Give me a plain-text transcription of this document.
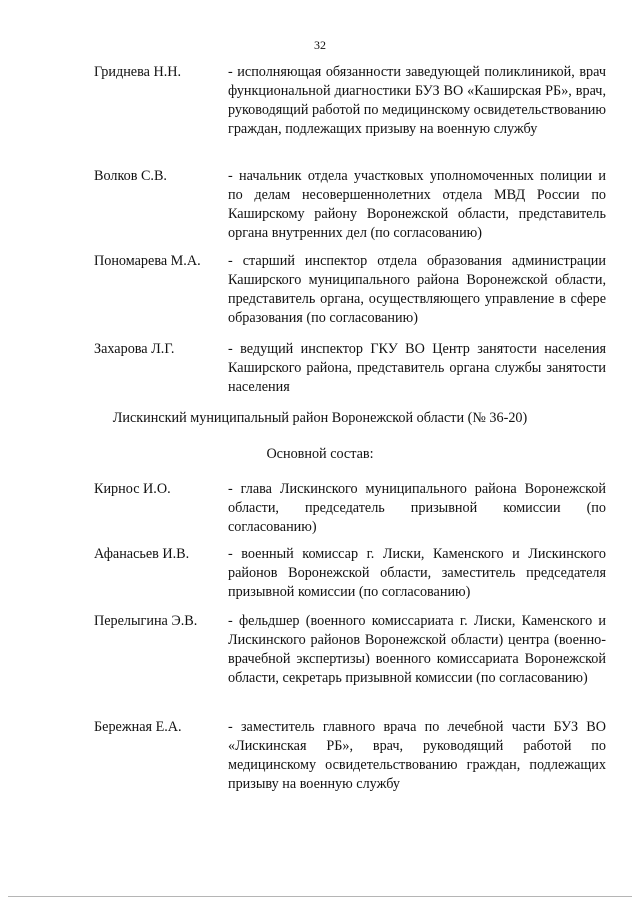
32
Гриднева Н.Н.	- исполняющая обязанности заведующей поликлиникой, врач функциональной диагностики БУЗ ВО «Каширская РБ», врач, руководящий работой по медицинскому освидетельствованию граждан, подлежащих призыву на военную службу
Волков С.В.	- начальник отдела участковых уполномоченных полиции и по делам несовершеннолетних отдела МВД России по Каширскому району Воронежской области, представитель органа внутренних дел (по согласованию)
Пономарева М.А.	- старший инспектор отдела образования администрации Каширского муниципального района Воронежской области, представитель органа, осуществляющего управление в сфере образования (по согласованию)
Захарова Л.Г.	- ведущий инспектор ГКУ ВО Центр занятости населения Каширского района, представитель органа службы занятости населения
Лискинский муниципальный район Воронежской области (№ 36-20)
Основной состав:
Кирнос И.О.	- глава Лискинского муниципального района Воронежской области, председатель призывной комиссии (по согласованию)
Афанасьев И.В.	- военный комиссар г. Лиски, Каменского и Лискинского районов Воронежской области, заместитель председателя призывной комиссии (по согласованию)
Перелыгина Э.В.	- фельдшер (военного комиссариата г. Лиски, Каменского и Лискинского районов Воронежской области) центра (военно-врачебной экспертизы) военного комиссариата Воронежской области, секретарь призывной комиссии (по согласованию)
Бережная Е.А.	- заместитель главного врача по лечебной части БУЗ ВО «Лискинская РБ», врач, руководящий работой по медицинскому освидетельствованию граждан, подлежащих призыву на военную службу
